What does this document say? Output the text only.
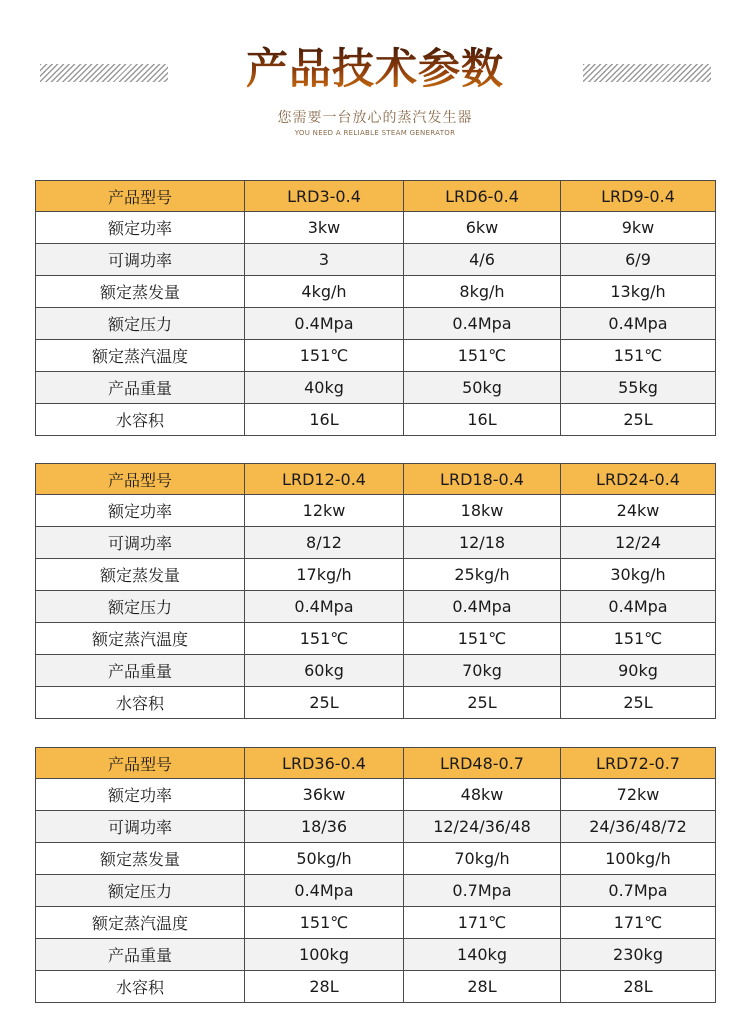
产品技术参数
您需要一台放心的蒸汽发生器
YOU NEED A RELIABLE STEAM GENERATOR
产品型号	LRD3-0.4	LRD6-0.4	LRD9-0.4
额定功率	3kw	6kw	9kw
可调功率	3	4/6	6/9
额定蒸发量	4kg/h	8kg/h	13kg/h
额定压力	0.4Mpa	0.4Mpa	0.4Mpa
额定蒸汽温度	151℃	151℃	151℃
产品重量	40kg	50kg	55kg
水容积	16L	16L	25L
产品型号	LRD12-0.4	LRD18-0.4	LRD24-0.4
额定功率	12kw	18kw	24kw
可调功率	8/12	12/18	12/24
额定蒸发量	17kg/h	25kg/h	30kg/h
额定压力	0.4Mpa	0.4Mpa	0.4Mpa
额定蒸汽温度	151℃	151℃	151℃
产品重量	60kg	70kg	90kg
水容积	25L	25L	25L
产品型号	LRD36-0.4	LRD48-0.7	LRD72-0.7
额定功率	36kw	48kw	72kw
可调功率	18/36	12/24/36/48	24/36/48/72
额定蒸发量	50kg/h	70kg/h	100kg/h
额定压力	0.4Mpa	0.7Mpa	0.7Mpa
额定蒸汽温度	151℃	171℃	171℃
产品重量	100kg	140kg	230kg
水容积	28L	28L	28L
